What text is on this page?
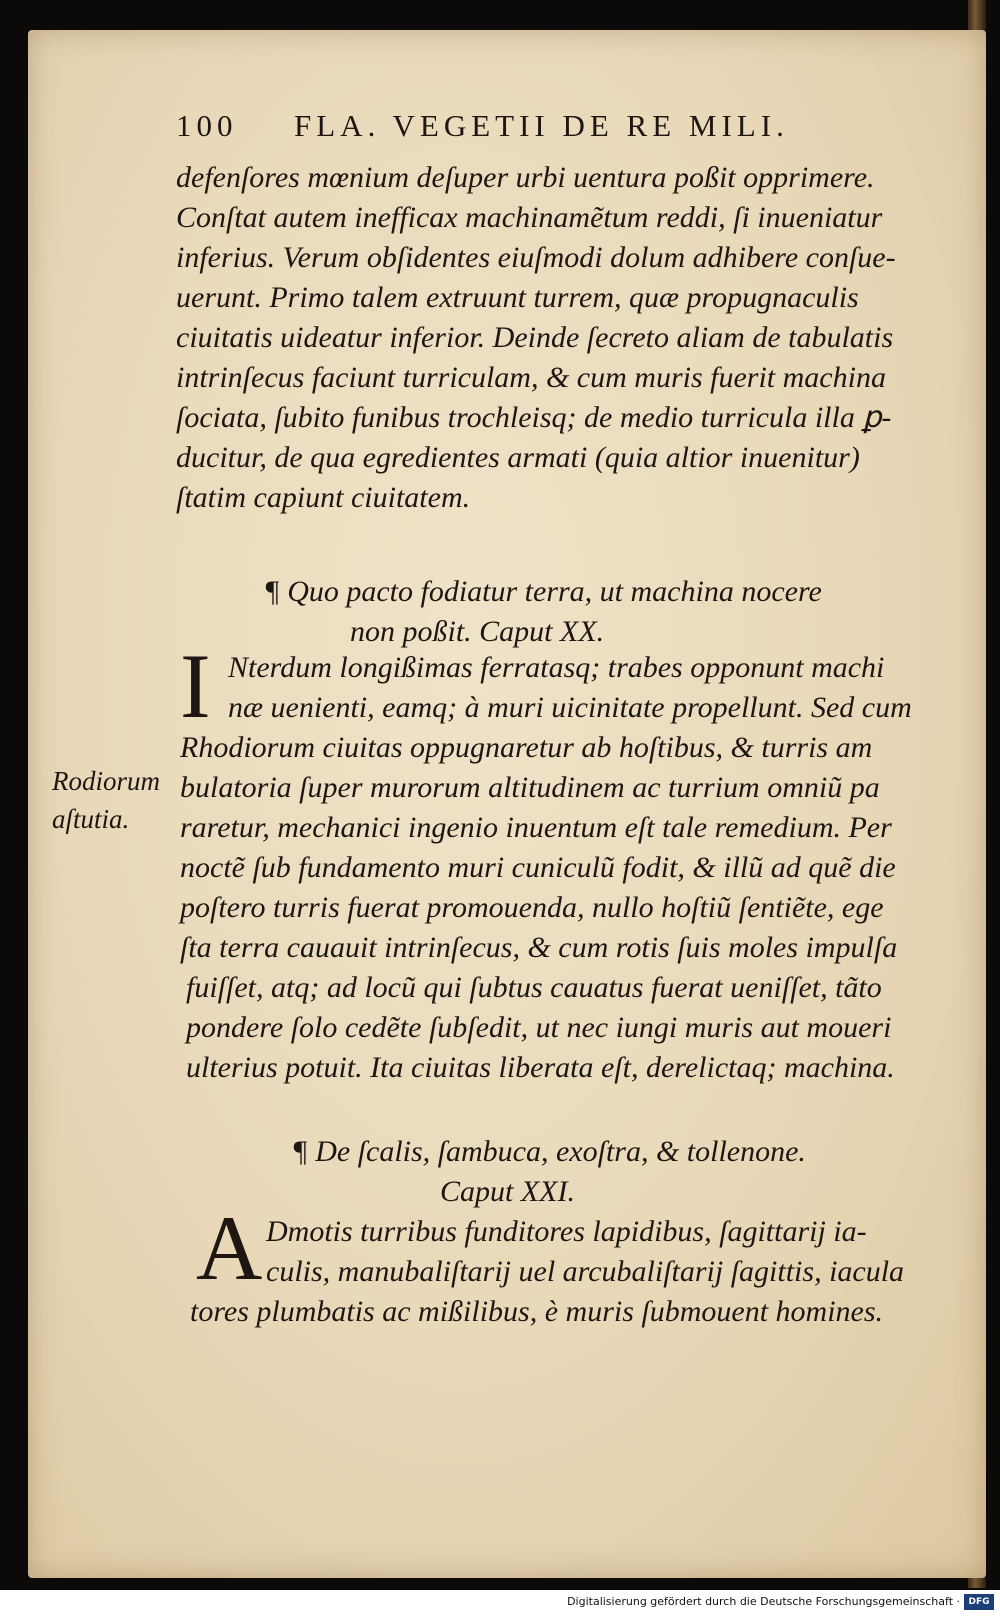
100 FLA. VEGETII DE RE MILI.
defenſores mœnium deſuper urbi uentura poßit opprimere.
Conſtat autem inefficax machinamẽtum reddi, ſi inueniatur
inferius. Verum obſidentes eiuſmodi dolum adhibere conſue-
uerunt. Primo talem extruunt turrem, quæ propugnaculis
ciuitatis uideatur inferior. Deinde ſecreto aliam de tabulatis
intrinſecus faciunt turriculam, & cum muris fuerit machina
ſociata, ſubito funibus trochleisq; de medio turricula illa ꝑ-
ducitur, de qua egredientes armati (quia altior inuenitur)
ſtatim capiunt ciuitatem.
¶ Quo pacto fodiatur terra, ut machina nocere
non poßit. Caput XX.
I Nterdum longißimas ferratasq; trabes opponunt machi
næ uenienti, eamq; à muri uicinitate propellunt. Sed cum
Rhodiorum ciuitas oppugnaretur ab hoſtibus, & turris am
bulatoria ſuper murorum altitudinem ac turrium omniũ pa
raretur, mechanici ingenio inuentum eſt tale remedium. Per
noctẽ ſub fundamento muri cuniculũ fodit, & illũ ad quẽ die
poſtero turris fuerat promouenda, nullo hoſtiũ ſentiẽte, ege
ſta terra cauauit intrinſecus, & cum rotis ſuis moles impulſa
fuiſſet, atq; ad locũ qui ſubtus cauatus fuerat ueniſſet, tãto
pondere ſolo cedẽte ſubſedit, ut nec iungi muris aut moueri
ulterius potuit. Ita ciuitas liberata eſt, derelictaq; machina.
Rodiorum
aſtutia.
¶ De ſcalis, ſambuca, exoſtra, & tollenone.
Caput XXI.
A Dmotis turribus funditores lapidibus, ſagittarij ia-
culis, manubaliſtarij uel arcubaliſtarij ſagittis, iacula
tores plumbatis ac mißilibus, è muris ſubmouent homines.
Digitalisierung gefördert durch die Deutsche Forschungsgemeinschaft · DFG
